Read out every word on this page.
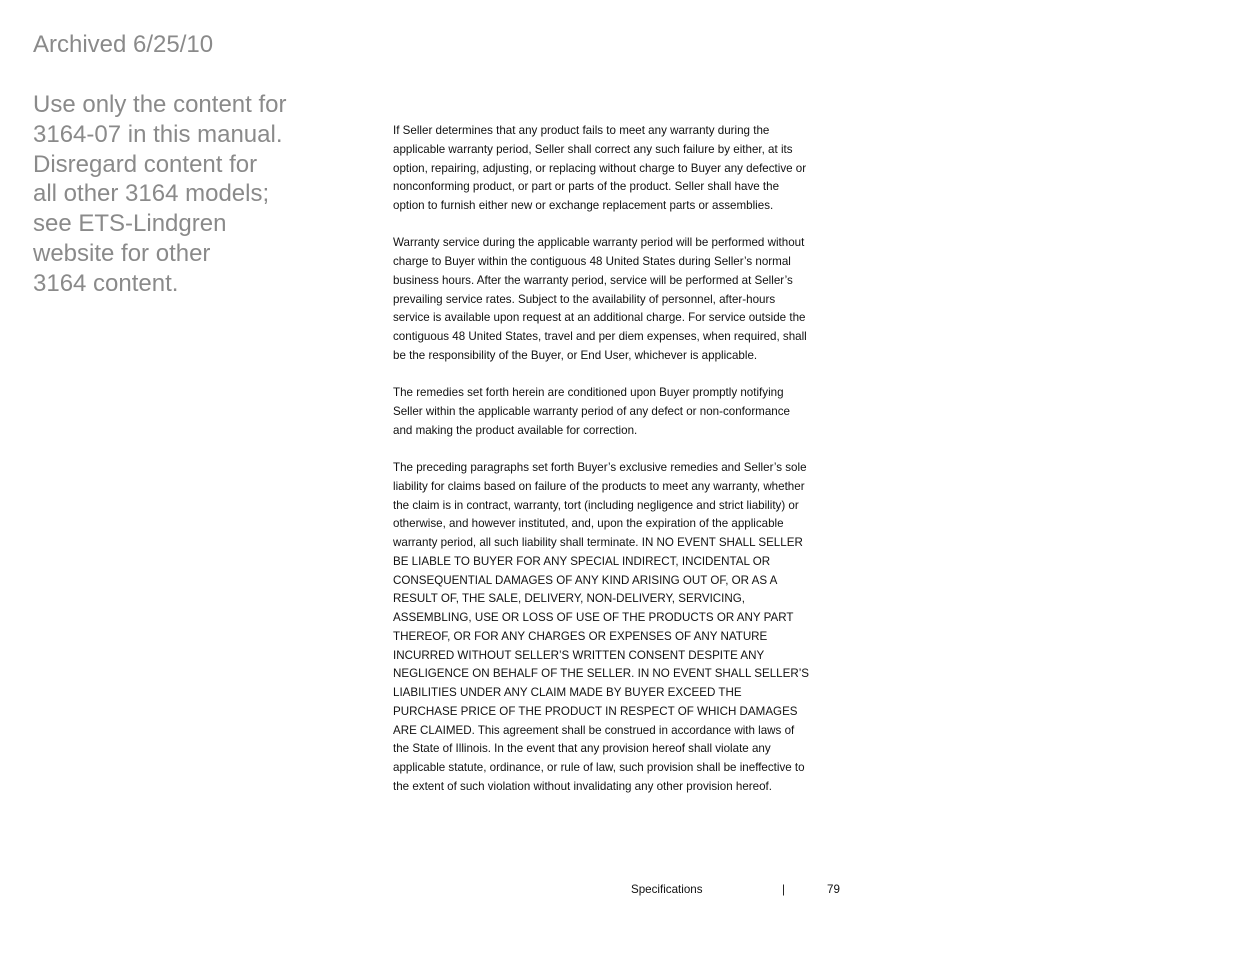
Archived 6/25/10
Use only the content for
3164-07 in this manual.
Disregard content for
all other 3164 models;
see ETS-Lindgren
website for other
3164 content.
If Seller determines that any product fails to meet any warranty during the
applicable warranty period, Seller shall correct any such failure by either, at its
option, repairing, adjusting, or replacing without charge to Buyer any defective or
nonconforming product, or part or parts of the product. Seller shall have the
option to furnish either new or exchange replacement parts or assemblies.
Warranty service during the applicable warranty period will be performed without
charge to Buyer within the contiguous 48 United States during Seller’s normal
business hours. After the warranty period, service will be performed at Seller’s
prevailing service rates. Subject to the availability of personnel, after-hours
service is available upon request at an additional charge. For service outside the
contiguous 48 United States, travel and per diem expenses, when required, shall
be the responsibility of the Buyer, or End User, whichever is applicable.
The remedies set forth herein are conditioned upon Buyer promptly notifying
Seller within the applicable warranty period of any defect or non-conformance
and making the product available for correction.
The preceding paragraphs set forth Buyer’s exclusive remedies and Seller’s sole
liability for claims based on failure of the products to meet any warranty, whether
the claim is in contract, warranty, tort (including negligence and strict liability) or
otherwise, and however instituted, and, upon the expiration of the applicable
warranty period, all such liability shall terminate. IN NO EVENT SHALL SELLER
BE LIABLE TO BUYER FOR ANY SPECIAL INDIRECT, INCIDENTAL OR
CONSEQUENTIAL DAMAGES OF ANY KIND ARISING OUT OF, OR AS A
RESULT OF, THE SALE, DELIVERY, NON-DELIVERY, SERVICING,
ASSEMBLING, USE OR LOSS OF USE OF THE PRODUCTS OR ANY PART
THEREOF, OR FOR ANY CHARGES OR EXPENSES OF ANY NATURE
INCURRED WITHOUT SELLER’S WRITTEN CONSENT DESPITE ANY
NEGLIGENCE ON BEHALF OF THE SELLER. IN NO EVENT SHALL SELLER’S
LIABILITIES UNDER ANY CLAIM MADE BY BUYER EXCEED THE
PURCHASE PRICE OF THE PRODUCT IN RESPECT OF WHICH DAMAGES
ARE CLAIMED. This agreement shall be construed in accordance with laws of
the State of Illinois. In the event that any provision hereof shall violate any
applicable statute, ordinance, or rule of law, such provision shall be ineffective to
the extent of such violation without invalidating any other provision hereof.
Specifications	|	79
